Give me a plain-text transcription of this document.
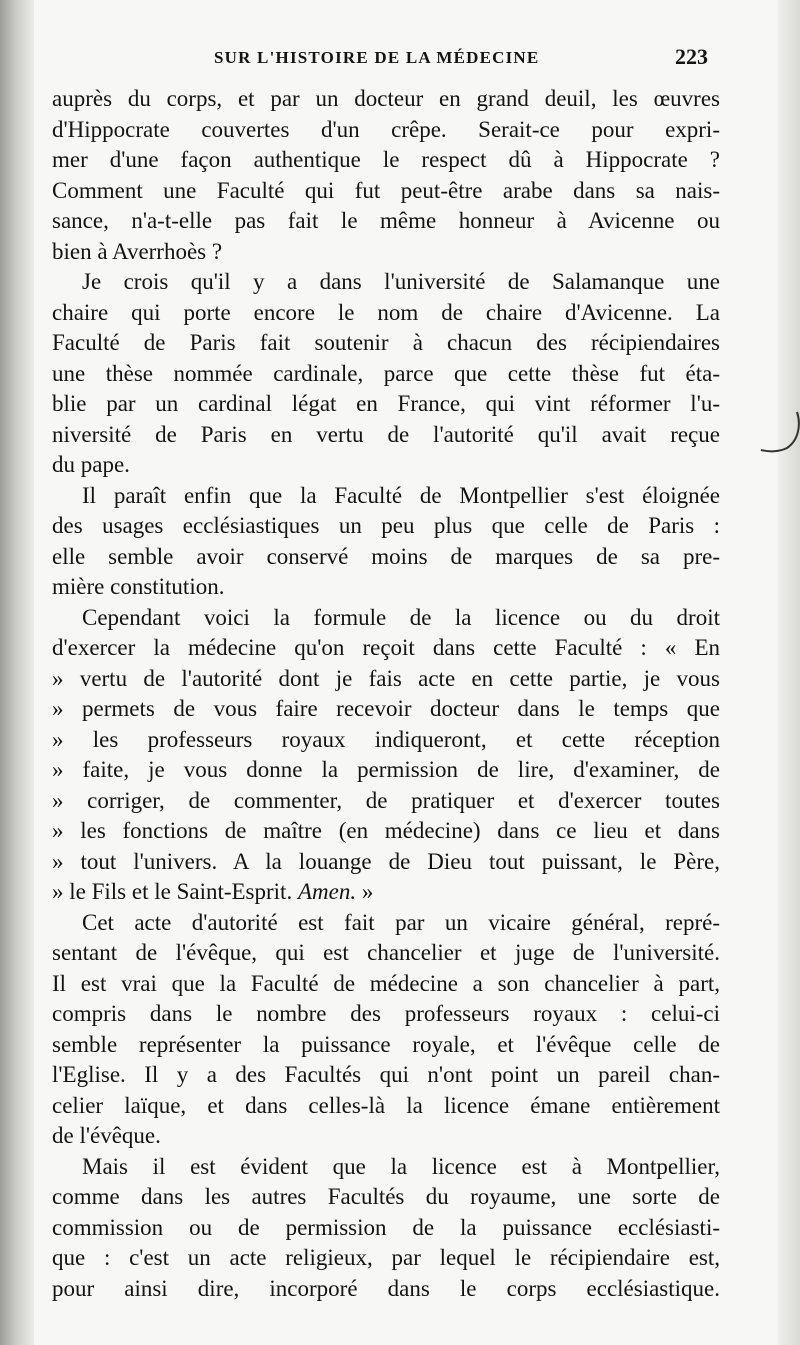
SUR L'HISTOIRE DE LA MÉDECINE	223
auprès du corps, et par un docteur en grand deuil, les œuvres
d'Hippocrate couvertes d'un crêpe. Serait-ce pour expri-
mer d'une façon authentique le respect dû à Hippocrate ?
Comment une Faculté qui fut peut-être arabe dans sa nais-
sance, n'a-t-elle pas fait le même honneur à Avicenne ou
bien à Averrhoès ?
Je crois qu'il y a dans l'université de Salamanque une
chaire qui porte encore le nom de chaire d'Avicenne. La
Faculté de Paris fait soutenir à chacun des récipiendaires
une thèse nommée cardinale, parce que cette thèse fut éta-
blie par un cardinal légat en France, qui vint réformer l'u-
niversité de Paris en vertu de l'autorité qu'il avait reçue
du pape.
Il paraît enfin que la Faculté de Montpellier s'est éloignée
des usages ecclésiastiques un peu plus que celle de Paris :
elle semble avoir conservé moins de marques de sa pre-
mière constitution.
Cependant voici la formule de la licence ou du droit
d'exercer la médecine qu'on reçoit dans cette Faculté : « En
» vertu de l'autorité dont je fais acte en cette partie, je vous
» permets de vous faire recevoir docteur dans le temps que
» les professeurs royaux indiqueront, et cette réception
» faite, je vous donne la permission de lire, d'examiner, de
» corriger, de commenter, de pratiquer et d'exercer toutes
» les fonctions de maître (en médecine) dans ce lieu et dans
» tout l'univers. A la louange de Dieu tout puissant, le Père,
» le Fils et le Saint-Esprit. Amen. »
Cet acte d'autorité est fait par un vicaire général, repré-
sentant de l'évêque, qui est chancelier et juge de l'université.
Il est vrai que la Faculté de médecine a son chancelier à part,
compris dans le nombre des professeurs royaux : celui-ci
semble représenter la puissance royale, et l'évêque celle de
l'Eglise. Il y a des Facultés qui n'ont point un pareil chan-
celier laïque, et dans celles-là la licence émane entièrement
de l'évêque.
Mais il est évident que la licence est à Montpellier,
comme dans les autres Facultés du royaume, une sorte de
commission ou de permission de la puissance ecclésiasti-
que : c'est un acte religieux, par lequel le récipiendaire est,
pour ainsi dire, incorporé dans le corps ecclésiastique.
